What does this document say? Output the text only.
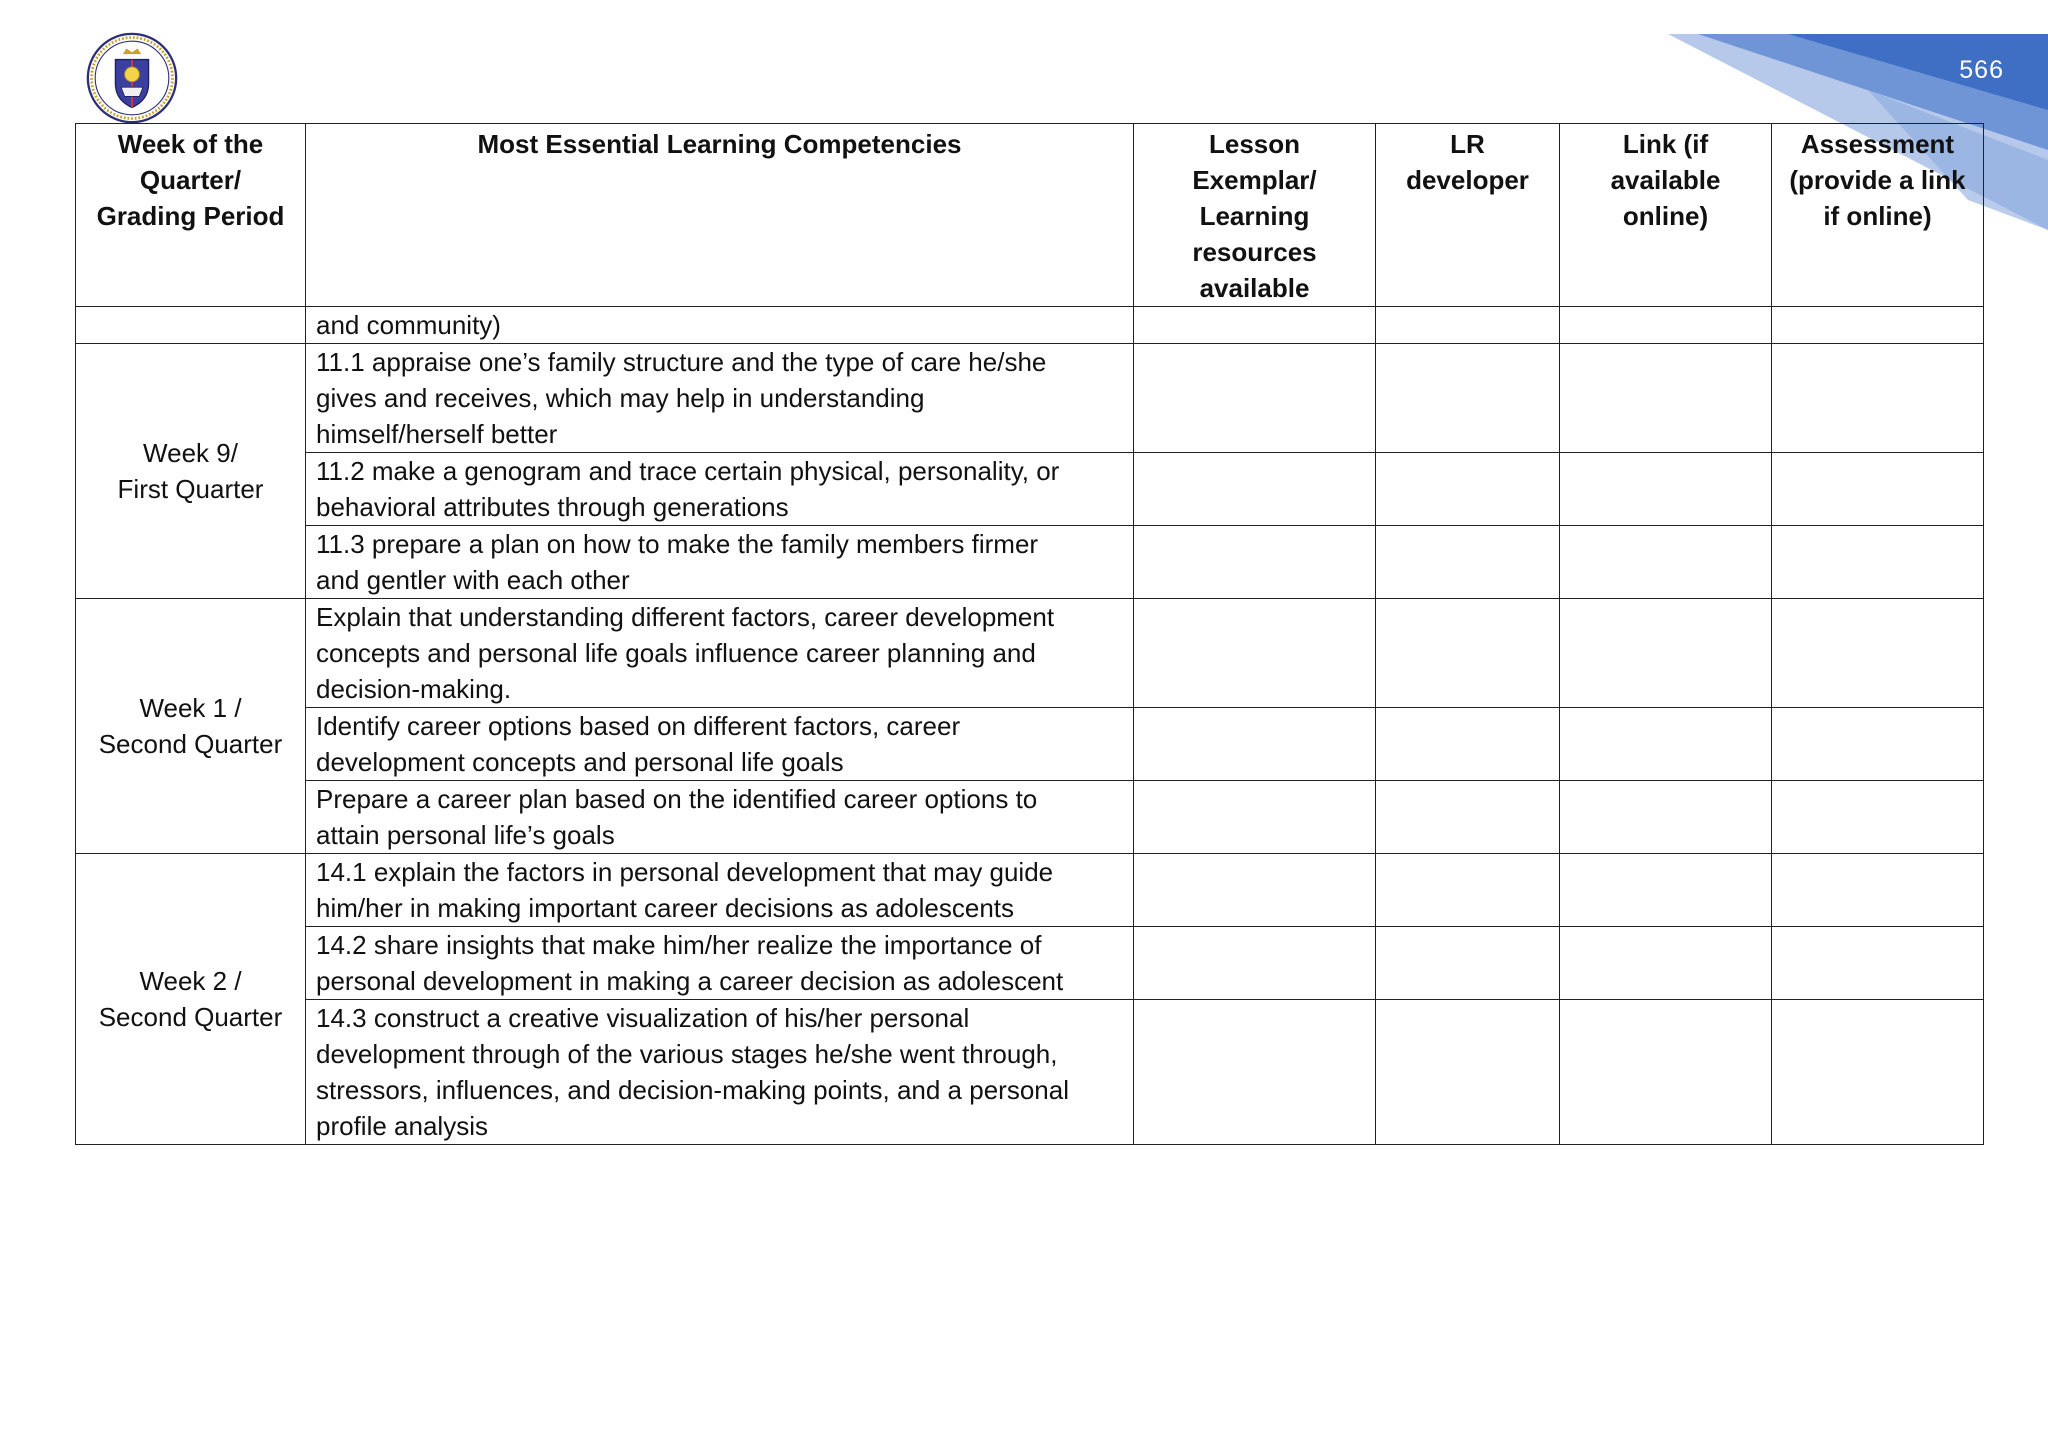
566
Week of the
Quarter/
Grading Period	Most Essential Learning Competencies	Lesson Exemplar/
Learning
resources
available	LR
developer	Link (if
available
online)	Assessment
(provide a link
if online)
	and community)				
Week 9/
First Quarter	11.1 appraise one’s family structure and the type of care he/she
gives and receives, which may help in understanding
himself/herself better				
	11.2 make a genogram and trace certain physical, personality, or
behavioral attributes through generations				
	11.3 prepare a plan on how to make the family members firmer
and gentler with each other				
Week 1 /
Second Quarter	Explain that understanding different factors, career development
concepts and personal life goals influence career planning and
decision-making.				
	Identify career options based on different factors, career
development concepts and personal life goals				
	Prepare a career plan based on the identified career options to
attain personal life’s goals				
Week 2 /
Second Quarter	14.1 explain the factors in personal development that may guide
him/her in making important career decisions as adolescents				
	14.2 share insights that make him/her realize the importance of
personal development in making a career decision as adolescent				
	14.3 construct a creative visualization of his/her personal
development through of the various stages he/she went through,
stressors, influences, and decision-making points, and a personal
profile analysis				
